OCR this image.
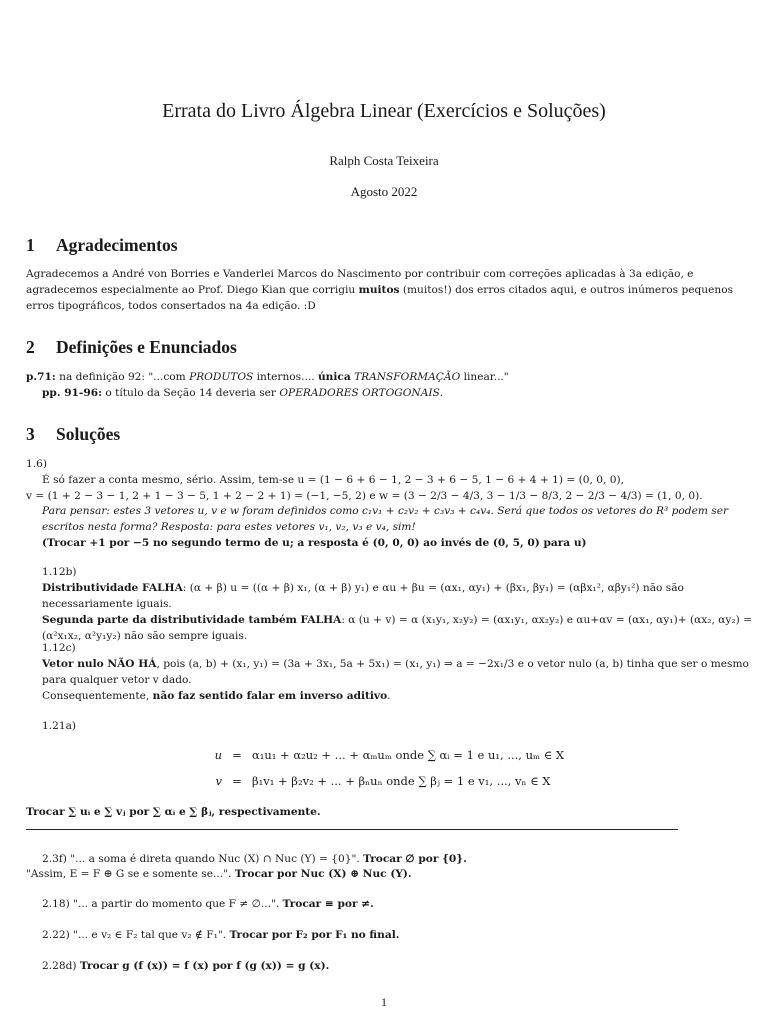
Errata do Livro Álgebra Linear (Exercícios e Soluções)
Ralph Costa Teixeira
Agosto 2022
1 Agradecimentos
Agradecemos a André von Borries e Vanderlei Marcos do Nascimento por contribuir com correções aplicadas à 3a edição, e agradecemos especialmente ao Prof. Diego Kian que corrigiu muitos (muitos!) dos erros citados aqui, e outros inúmeros pequenos erros tipográficos, todos consertados na 4a edição. :D
2 Definições e Enunciados
p.71: na definição 92: "...com PRODUTOS internos.... única TRANSFORMAÇÃO linear..."
pp. 91-96: o título da Seção 14 deveria ser OPERADORES ORTOGONAIS.
3 Soluções
1.6)
É só fazer a conta mesmo, sério. Assim, tem-se u = (1 − 6 + 6 − 1, 2 − 3 + 6 − 5, 1 − 6 + 4 + 1) = (0, 0, 0),
v = (1 + 2 − 3 − 1, 2 + 1 − 3 − 5, 1 + 2 − 2 + 1) = (−1, −5, 2) e w = (3 − 2/3 − 4/3, 3 − 1/3 − 8/3, 2 − 2/3 − 4/3) = (1, 0, 0).
Para pensar: estes 3 vetores u, v e w foram definidos como c₁v₁ + c₂v₂ + c₃v₃ + c₄v₄. Será que todos os vetores do R³ podem ser escritos nesta forma? Resposta: para estes vetores v₁, v₂, v₃ e v₄, sim!
(Trocar +1 por −5 no segundo termo de u; a resposta é (0, 0, 0) ao invés de (0, 5, 0) para u)
1.12b)
Distributividade FALHA: (α + β) u = ((α + β) x₁, (α + β) y₁) e αu + βu = (αx₁, αy₁) + (βx₁, βy₁) = (αβx₁², αβy₁²) não são necessariamente iguais.
Segunda parte da distributividade também FALHA: α (u + v) = α (x₁y₁, x₂y₂) = (αx₁y₁, αx₂y₂) e αu+αv = (αx₁, αy₁)+ (αx₂, αy₂) = (α²x₁x₂, α²y₁y₂) não são sempre iguais.
1.12c)
Vetor nulo NÃO HÁ, pois (a, b) + (x₁, y₁) = (3a + 3x₁, 5a + 5x₁) = (x₁, y₁) ⇒ a = −2x₁/3 e o vetor nulo (a, b) tinha que ser o mesmo para qualquer vetor v dado.
Consequentemente, não faz sentido falar em inverso aditivo.
1.21a)
u = α₁u₁ + α₂u₂ + ... + αₘuₘ onde ∑ αᵢ = 1 e u₁, ..., uₘ ∈ X
v = β₁v₁ + β₂v₂ + ... + βₙuₙ onde ∑ βⱼ = 1 e v₁, ..., vₙ ∈ X
Trocar ∑ uᵢ e ∑ vⱼ por ∑ αᵢ e ∑ βⱼ, respectivamente.
2.3f) "... a soma é direta quando Nuc (X) ∩ Nuc (Y) = {0}". Trocar ∅ por {0}.
"Assim, E = F ⊕ G se e somente se...". Trocar por Nuc (X) ⊕ Nuc (Y).
2.18) "... a partir do momento que F ≠ ∅...". Trocar ≡ por ≠.
2.22) "... e v₂ ∈ F₂ tal que v₂ ∉ F₁". Trocar por F₂ por F₁ no final.
2.28d) Trocar g (f (x)) = f (x) por f (g (x)) = g (x).
1
